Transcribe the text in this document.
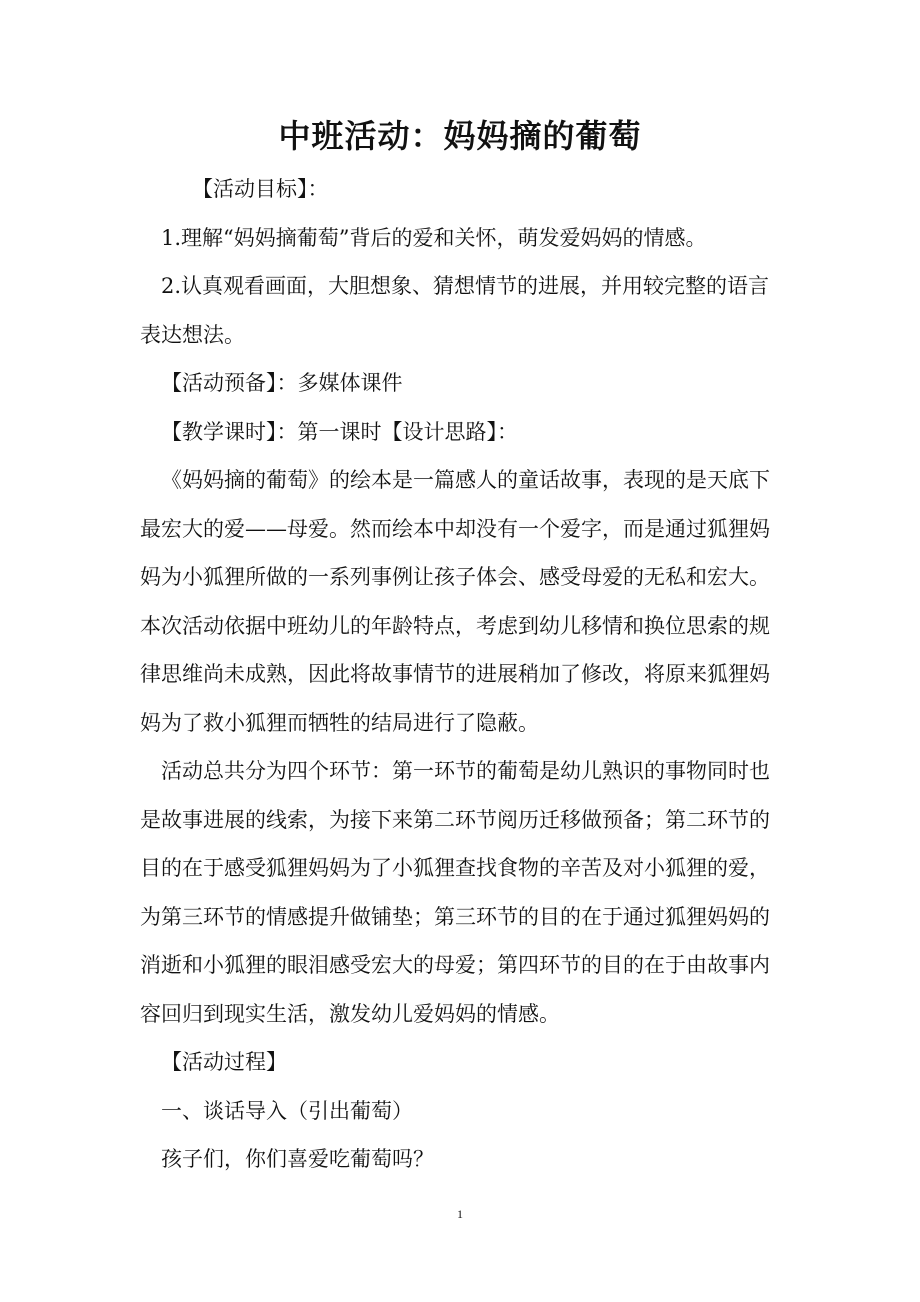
中班活动：妈妈摘的葡萄

【活动目标】：

1.理解“妈妈摘葡萄”背后的爱和关怀，萌发爱妈妈的情感。

2.认真观看画面，大胆想象、猜想情节的进展，并用较完整的语言表达想法。

【活动预备】：多媒体课件

【教学课时】：第一课时【设计思路】：

《妈妈摘的葡萄》的绘本是一篇感人的童话故事，表现的是天底下最宏大的爱——母爱。然而绘本中却没有一个爱字，而是通过狐狸妈妈为小狐狸所做的一系列事例让孩子体会、感受母爱的无私和宏大。本次活动依据中班幼儿的年龄特点，考虑到幼儿移情和换位思索的规律思维尚未成熟，因此将故事情节的进展稍加了修改，将原来狐狸妈妈为了救小狐狸而牺牲的结局进行了隐蔽。

活动总共分为四个环节：第一环节的葡萄是幼儿熟识的事物同时也是故事进展的线索，为接下来第二环节阅历迁移做预备；第二环节的目的在于感受狐狸妈妈为了小狐狸查找食物的辛苦及对小狐狸的爱，为第三环节的情感提升做铺垫；第三环节的目的在于通过狐狸妈妈的消逝和小狐狸的眼泪感受宏大的母爱；第四环节的目的在于由故事内容回归到现实生活，激发幼儿爱妈妈的情感。

【活动过程】

一、谈话导入（引出葡萄）

孩子们，你们喜爱吃葡萄吗？

1
